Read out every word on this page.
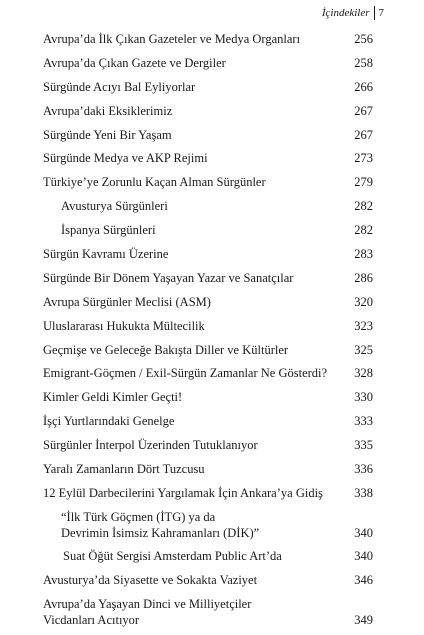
İçindekiler 7
Avrupa’da İlk Çıkan Gazeteler ve Medya Organları	256
Avrupa’da Çıkan Gazete ve Dergiler	258
Sürgünde Acıyı Bal Eyliyorlar	266
Avrupa’daki Eksiklerimiz	267
Sürgünde Yeni Bir Yaşam	267
Sürgünde Medya ve AKP Rejimi	273
Türkiye’ye Zorunlu Kaçan Alman Sürgünler	279
Avusturya Sürgünleri	282
İspanya Sürgünleri	282
Sürgün Kavramı Üzerine	283
Sürgünde Bir Dönem Yaşayan Yazar ve Sanatçılar	286
Avrupa Sürgünler Meclisi (ASM)	320
Uluslararası Hukukta Mültecilik	323
Geçmişe ve Geleceğe Bakışta Diller ve Kültürler	325
Emigrant-Göçmen / Exil-Sürgün Zamanlar Ne Gösterdi?	328
Kimler Geldi Kimler Geçti!	330
İşçi Yurtlarındaki Genelge	333
Sürgünler İnterpol Üzerinden Tutuklanıyor	335
Yaralı Zamanların Dört Tuzcusu	336
12 Eylül Darbecilerini Yargılamak İçin Ankara’ya Gidiş	338
“İlk Türk Göçmen (İTG) ya da
Devrimin İsimsiz Kahramanları (DİK)”	340
Suat Öğüt Sergisi Amsterdam Public Art’da	340
Avusturya’da Siyasette ve Sokakta Vaziyet	346
Avrupa’da Yaşayan Dinci ve Milliyetçiler
Vicdanları Acıtıyor	349
